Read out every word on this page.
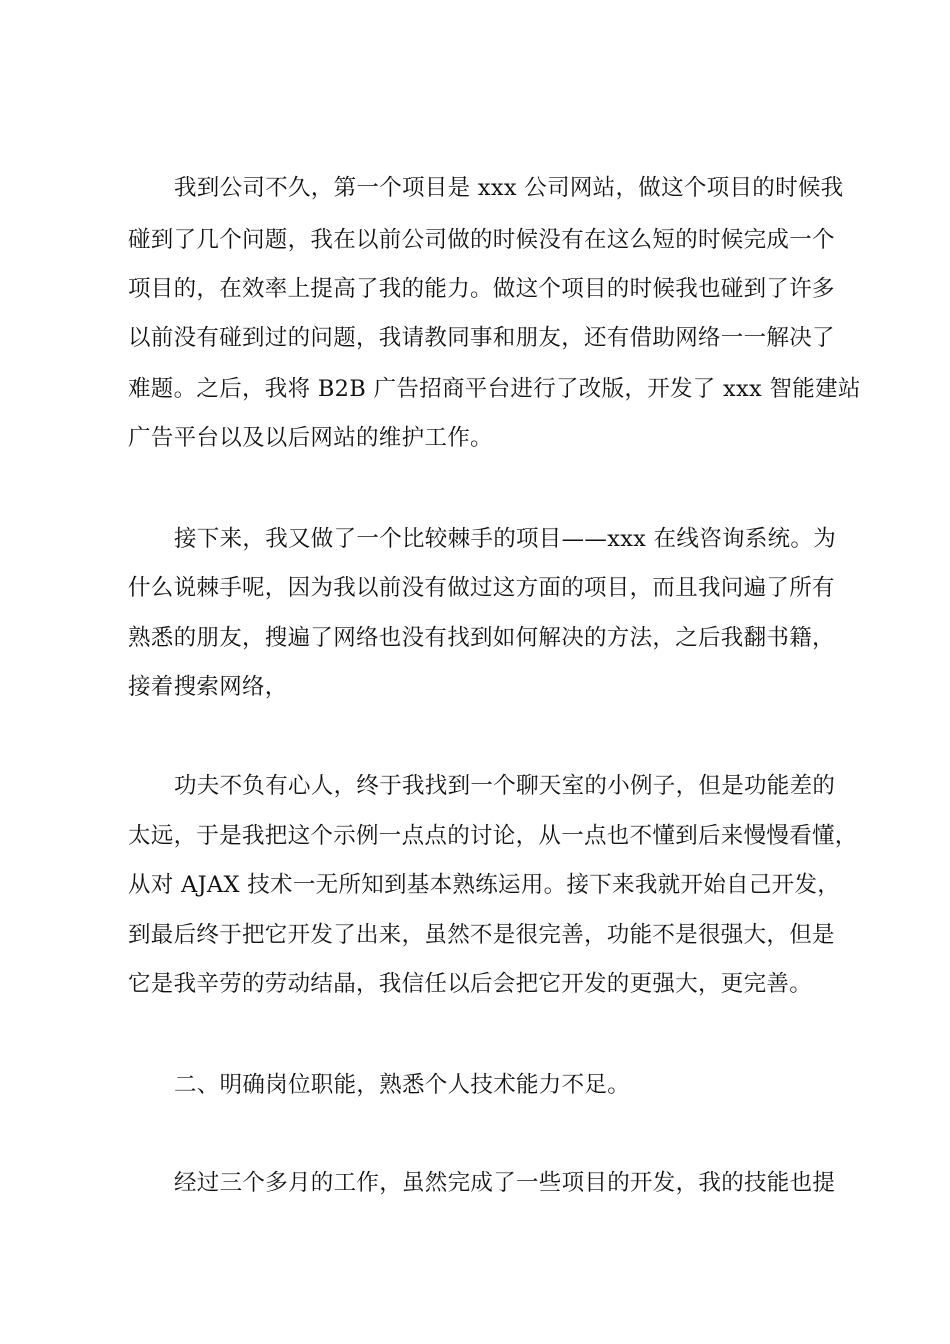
我到公司不久，第一个项目是 xxx 公司网站，做这个项目的时候我
碰到了几个问题，我在以前公司做的时候没有在这么短的时候完成一个
项目的，在效率上提高了我的能力。做这个项目的时候我也碰到了许多
以前没有碰到过的问题，我请教同事和朋友，还有借助网络一一解决了
难题。之后，我将 B2B 广告招商平台进行了改版，开发了 xxx 智能建站
广告平台以及以后网站的维护工作。
接下来，我又做了一个比较棘手的项目——xxx 在线咨询系统。为
什么说棘手呢，因为我以前没有做过这方面的项目，而且我问遍了所有
熟悉的朋友，搜遍了网络也没有找到如何解决的方法，之后我翻书籍，
接着搜索网络，
功夫不负有心人，终于我找到一个聊天室的小例子，但是功能差的
太远，于是我把这个示例一点点的讨论，从一点也不懂到后来慢慢看懂，
从对 AJAX 技术一无所知到基本熟练运用。接下来我就开始自己开发，
到最后终于把它开发了出来，虽然不是很完善，功能不是很强大，但是
它是我辛劳的劳动结晶，我信任以后会把它开发的更强大，更完善。
二、明确岗位职能，熟悉个人技术能力不足。
经过三个多月的工作，虽然完成了一些项目的开发，我的技能也提
